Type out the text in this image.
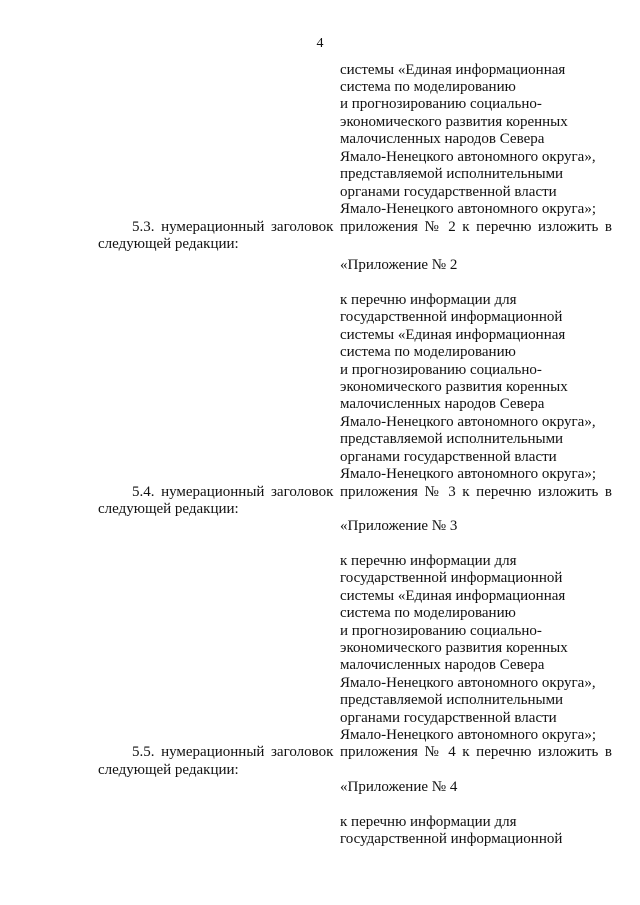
4
системы «Единая информационная
система по моделированию
и прогнозированию социально-
экономического развития коренных
малочисленных народов Севера
Ямало-Ненецкого автономного округа»,
представляемой исполнительными
органами государственной власти
Ямало-Ненецкого автономного округа»;
5.3. нумерационный заголовок приложения № 2 к перечню изложить в
следующей редакции:
«Приложение № 2
к перечню информации для
государственной информационной
системы «Единая информационная
система по моделированию
и прогнозированию социально-
экономического развития коренных
малочисленных народов Севера
Ямало-Ненецкого автономного округа»,
представляемой исполнительными
органами государственной власти
Ямало-Ненецкого автономного округа»;
5.4. нумерационный заголовок приложения № 3 к перечню изложить в
следующей редакции:
«Приложение № 3
к перечню информации для
государственной информационной
системы «Единая информационная
система по моделированию
и прогнозированию социально-
экономического развития коренных
малочисленных народов Севера
Ямало-Ненецкого автономного округа»,
представляемой исполнительными
органами государственной власти
Ямало-Ненецкого автономного округа»;
5.5. нумерационный заголовок приложения № 4 к перечню изложить в
следующей редакции:
«Приложение № 4
к перечню информации для
государственной информационной
